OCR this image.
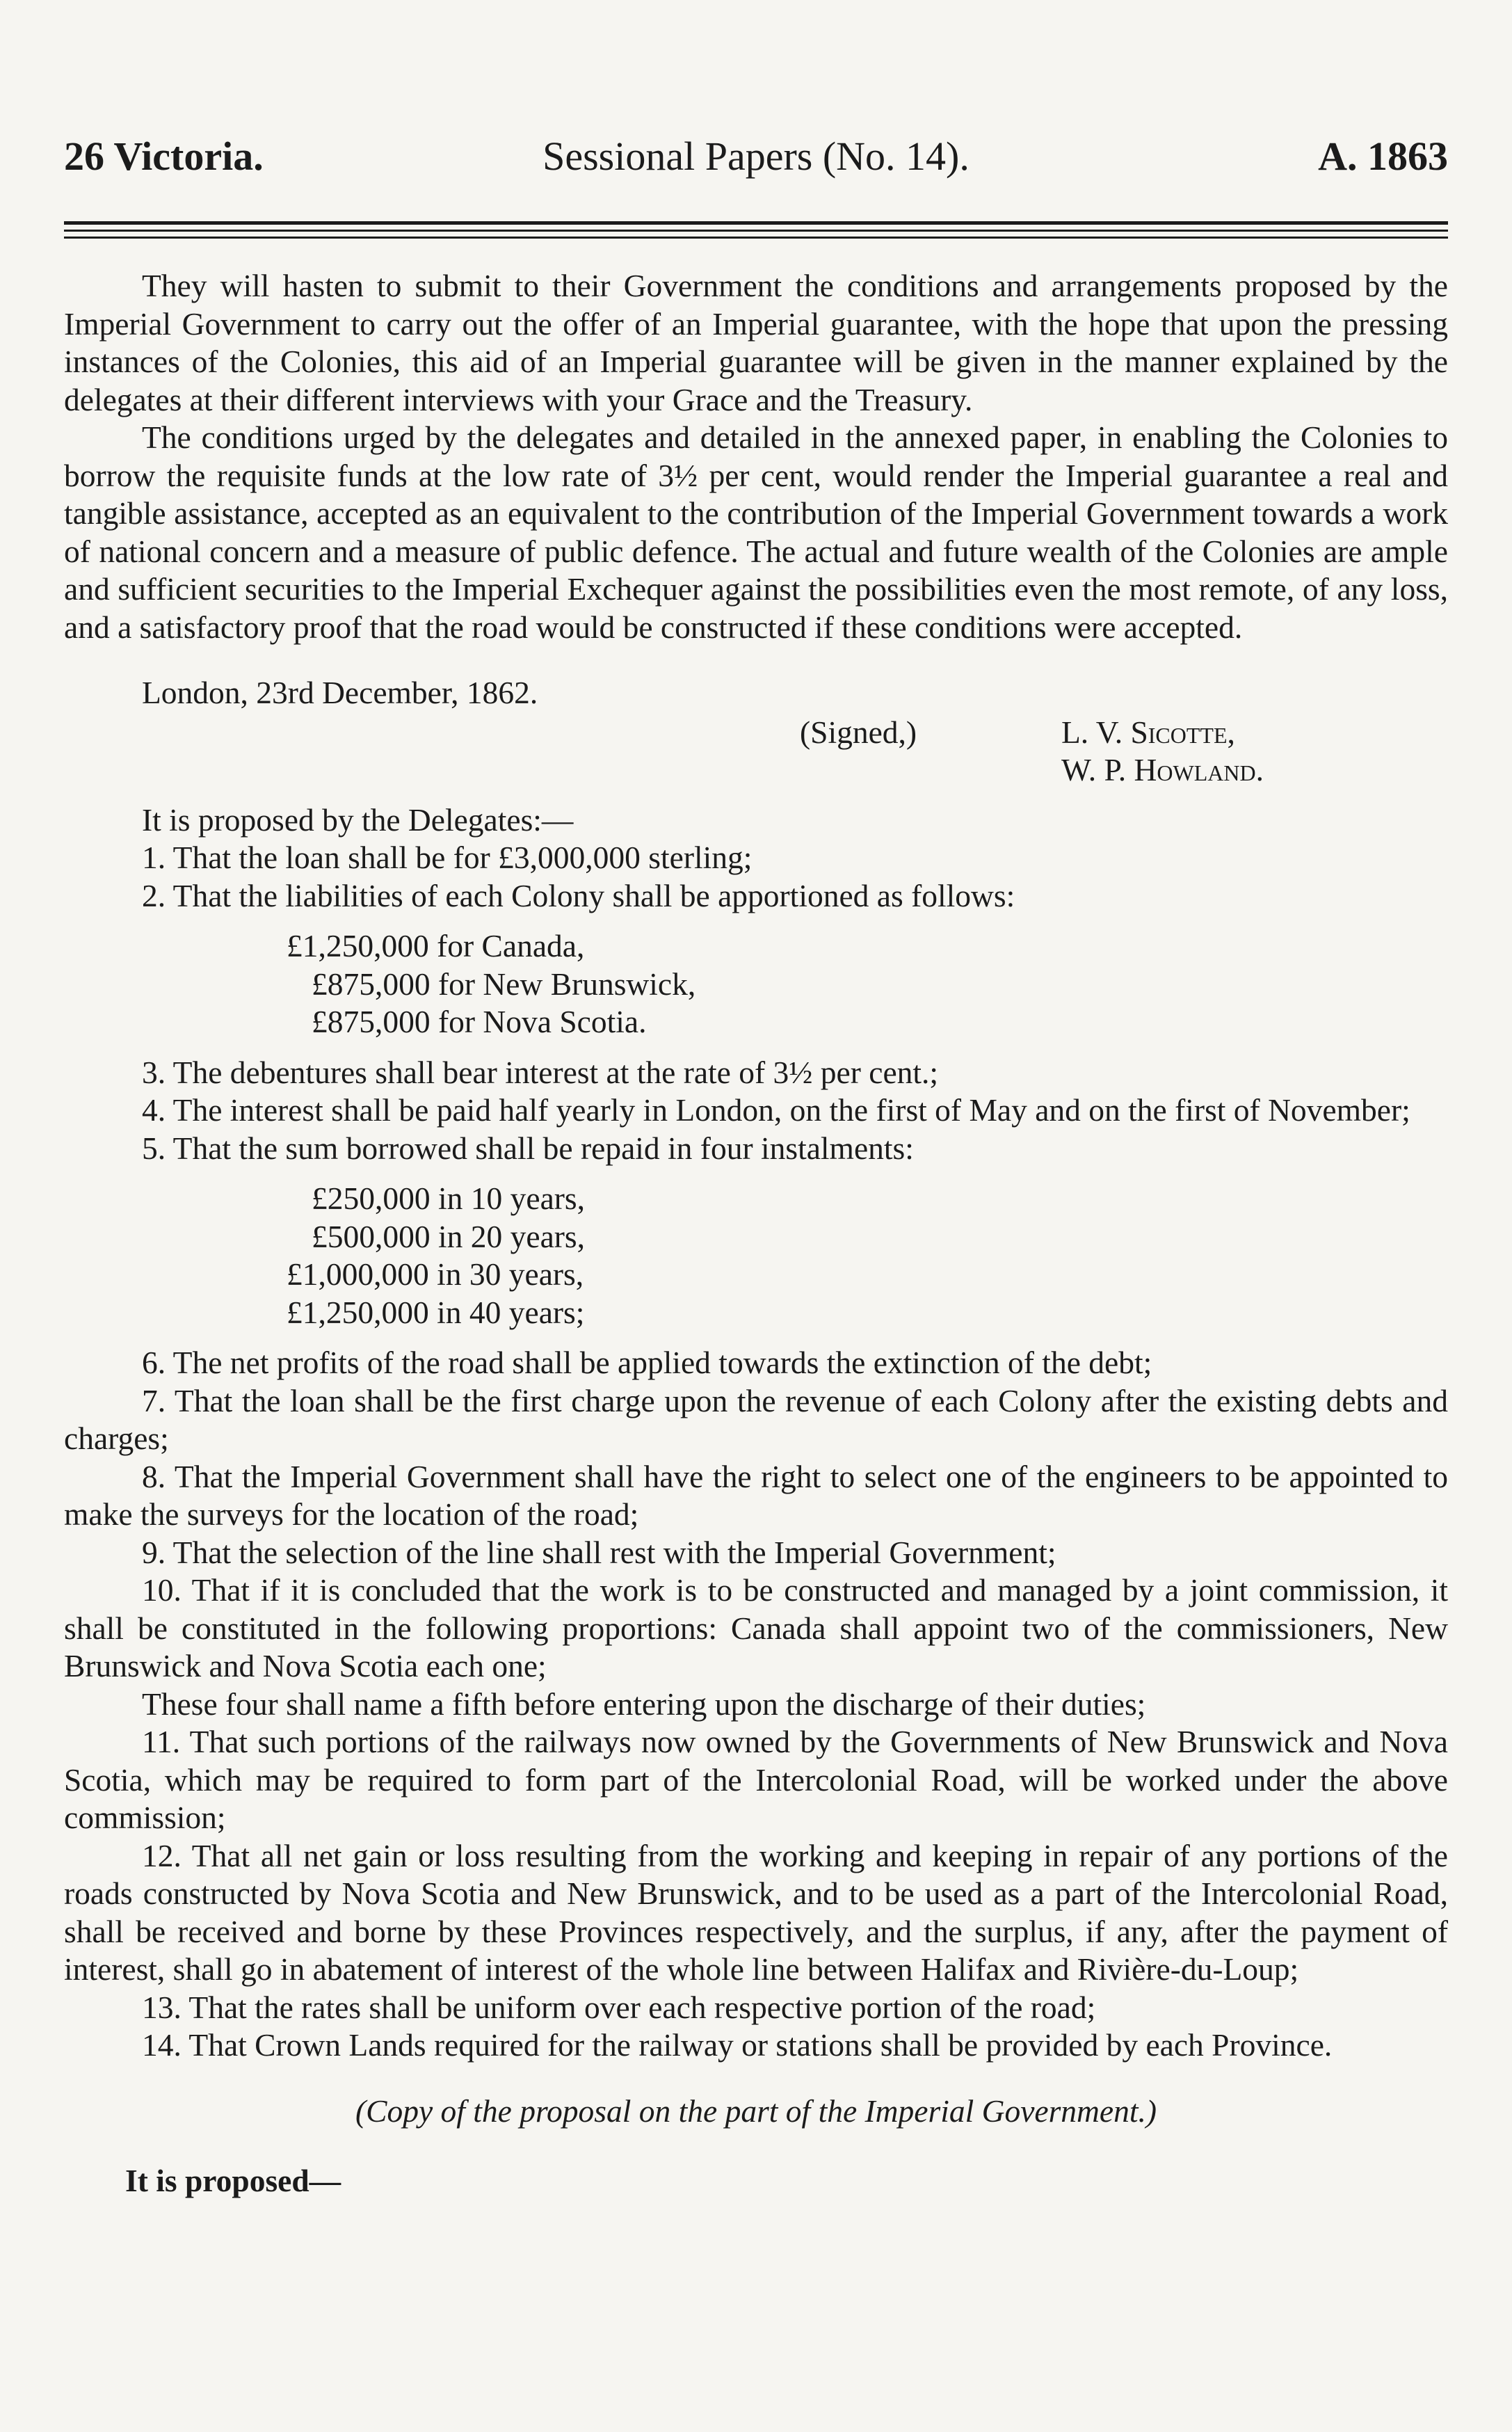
26 Victoria.	Sessional Papers (No. 14).	A. 1863

They will hasten to submit to their Government the conditions and arrangements proposed by the Imperial Government to carry out the offer of an Imperial guarantee, with the hope that upon the pressing instances of the Colonies, this aid of an Imperial guarantee will be given in the manner explained by the delegates at their different interviews with your Grace and the Treasury.

The conditions urged by the delegates and detailed in the annexed paper, in enabling the Colonies to borrow the requisite funds at the low rate of 3½ per cent, would render the Imperial guarantee a real and tangible assistance, accepted as an equivalent to the contribution of the Imperial Government towards a work of national concern and a measure of public defence. The actual and future wealth of the Colonies are ample and sufficient securities to the Imperial Exchequer against the possibilities even the most remote, of any loss, and a satisfactory proof that the road would be constructed if these conditions were accepted.

London, 23rd December, 1862.

(Signed,)	L. V. Sicotte,
W. P. Howland.

It is proposed by the Delegates:—

1. That the loan shall be for £3,000,000 sterling;

2. That the liabilities of each Colony shall be apportioned as follows:

£1,250,000 for Canada,
£875,000 for New Brunswick,
£875,000 for Nova Scotia.

3. The debentures shall bear interest at the rate of 3½ per cent.;

4. The interest shall be paid half yearly in London, on the first of May and on the first of November;

5. That the sum borrowed shall be repaid in four instalments:

£250,000 in 10 years,
£500,000 in 20 years,
£1,000,000 in 30 years,
£1,250,000 in 40 years;

6. The net profits of the road shall be applied towards the extinction of the debt;

7. That the loan shall be the first charge upon the revenue of each Colony after the existing debts and charges;

8. That the Imperial Government shall have the right to select one of the engineers to be appointed to make the surveys for the location of the road;

9. That the selection of the line shall rest with the Imperial Government;

10. That if it is concluded that the work is to be constructed and managed by a joint commission, it shall be constituted in the following proportions: Canada shall appoint two of the commissioners, New Brunswick and Nova Scotia each one;

These four shall name a fifth before entering upon the discharge of their duties;

11. That such portions of the railways now owned by the Governments of New Brunswick and Nova Scotia, which may be required to form part of the Intercolonial Road, will be worked under the above commission;

12. That all net gain or loss resulting from the working and keeping in repair of any portions of the roads constructed by Nova Scotia and New Brunswick, and to be used as a part of the Intercolonial Road, shall be received and borne by these Provinces respectively, and the surplus, if any, after the payment of interest, shall go in abatement of interest of the whole line between Halifax and Rivière-du-Loup;

13. That the rates shall be uniform over each respective portion of the road;

14. That Crown Lands required for the railway or stations shall be provided by each Province.

(Copy of the proposal on the part of the Imperial Government.)

It is proposed—
